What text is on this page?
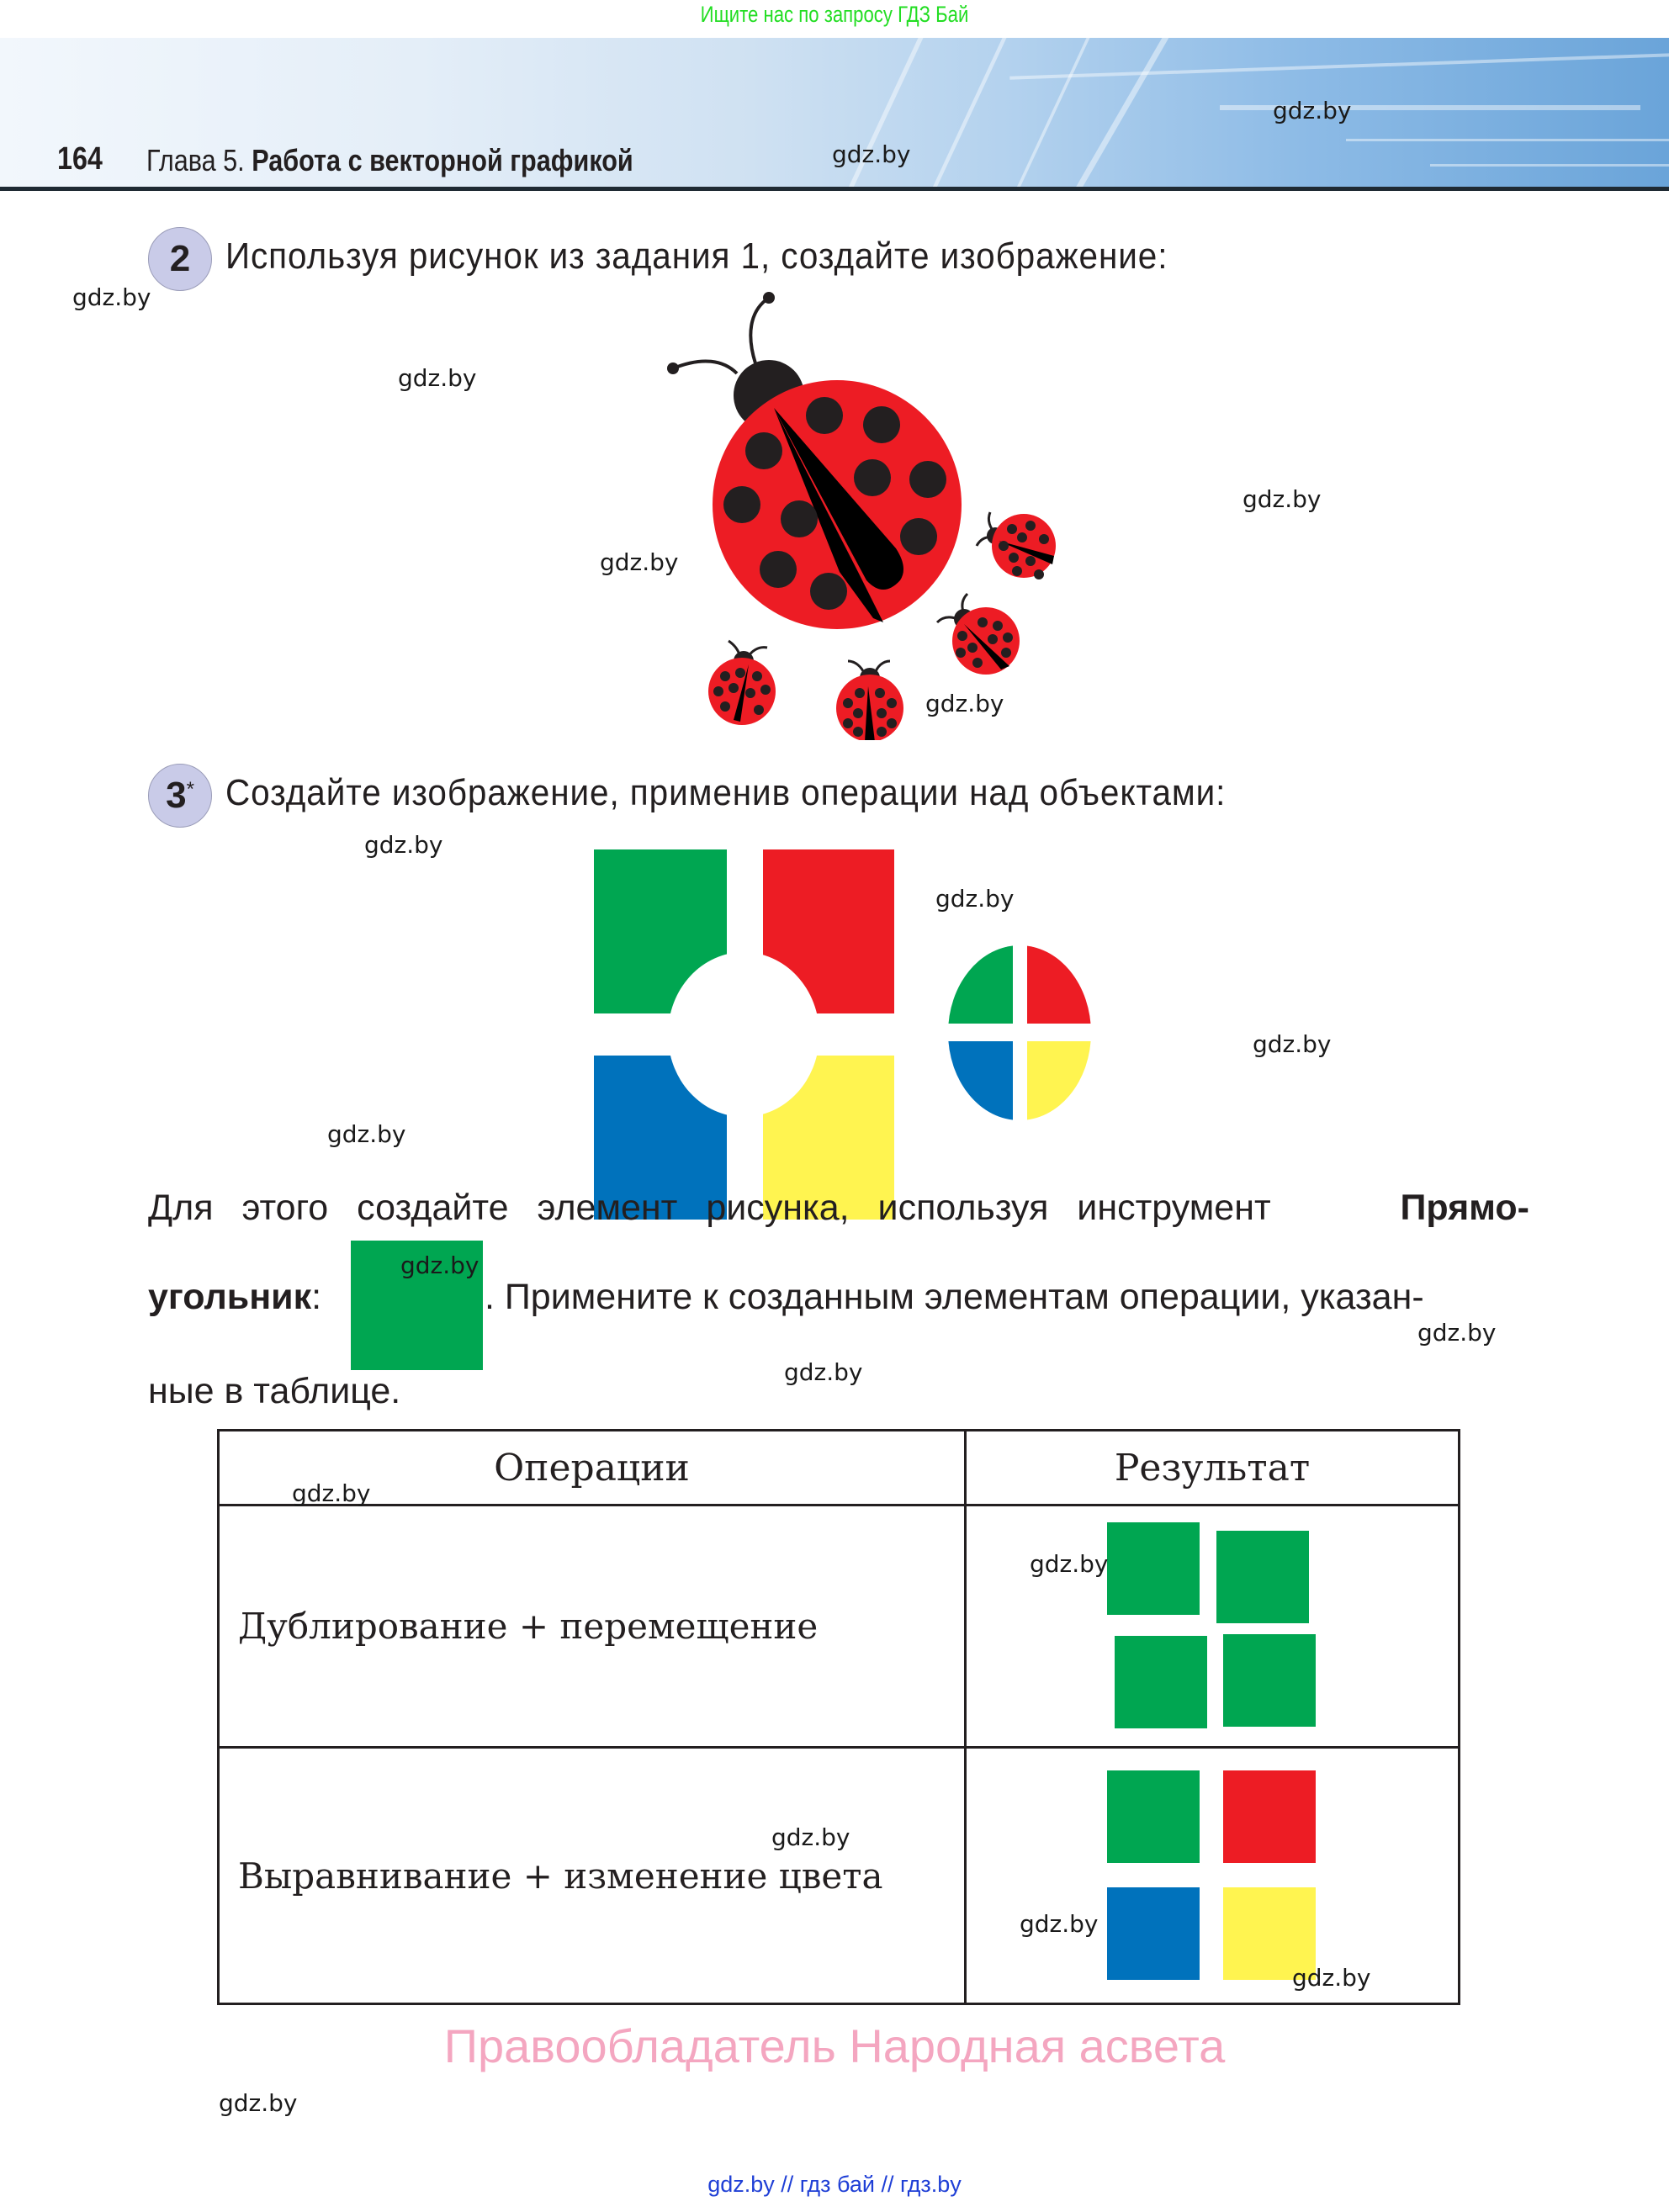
Ищите нас по запросу ГДЗ Бай
164 Глава 5. Работа с векторной графикой
2 Используя рисунок из задания 1, создайте изображение:
3 * Создайте изображение, применив операции над объектами:
Для этого создайте элемент рисунка, используя инструмент	Прямо-
угольник:	. Примените к созданным элементам операции, указан-
ные в таблице.
Операции	Результат
Дублирование + перемещение	
Выравнивание + изменение цвета	
Правообладатель Народная асвета
gdz.by
gdz.by
gdz.by
gdz.by
gdz.by
gdz.by
gdz.by
gdz.by
gdz.by
gdz.by
gdz.by
gdz.by
gdz.by
gdz.by
gdz.by
gdz.by
gdz.by
gdz.by
gdz.by
gdz.by
gdz.by // гдз бай // гдз.by
